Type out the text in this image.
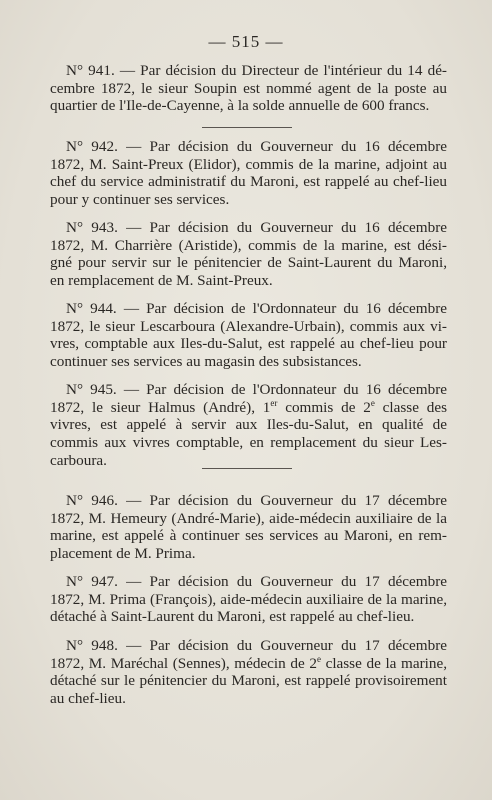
— 515 —

N° 941. — Par décision du Directeur de l'intérieur du 14 dé-
cembre 1872, le sieur Soupin est nommé agent de la poste au
quartier de l'Ile-de-Cayenne, à la solde annuelle de 600 francs.

N° 942. — Par décision du Gouverneur du 16 décembre
1872, M. Saint-Preux (Elidor), commis de la marine, adjoint au
chef du service administratif du Maroni, est rappelé au chef-lieu
pour y continuer ses services.

N° 943. — Par décision du Gouverneur du 16 décembre
1872, M. Charrière (Aristide), commis de la marine, est dési-
gné pour servir sur le pénitencier de Saint-Laurent du Maroni,
en remplacement de M. Saint-Preux.

N° 944. — Par décision de l'Ordonnateur du 16 décembre
1872, le sieur Lescarboura (Alexandre-Urbain), commis aux vi-
vres, comptable aux Iles-du-Salut, est rappelé au chef-lieu pour
continuer ses services au magasin des subsistances.

N° 945. — Par décision de l'Ordonnateur du 16 décembre
1872, le sieur Halmus (André), 1er commis de 2e classe des
vivres, est appelé à servir aux Iles-du-Salut, en qualité de
commis aux vivres comptable, en remplacement du sieur Les-
carboura.

N° 946. — Par décision du Gouverneur du 17 décembre
1872, M. Hemeury (André-Marie), aide-médecin auxiliaire de la
marine, est appelé à continuer ses services au Maroni, en rem-
placement de M. Prima.

N° 947. — Par décision du Gouverneur du 17 décembre
1872, M. Prima (François), aide-médecin auxiliaire de la marine,
détaché à Saint-Laurent du Maroni, est rappelé au chef-lieu.

N° 948. — Par décision du Gouverneur du 17 décembre
1872, M. Maréchal (Sennes), médecin de 2e classe de la marine,
détaché sur le pénitencier du Maroni, est rappelé provisoirement
au chef-lieu.
